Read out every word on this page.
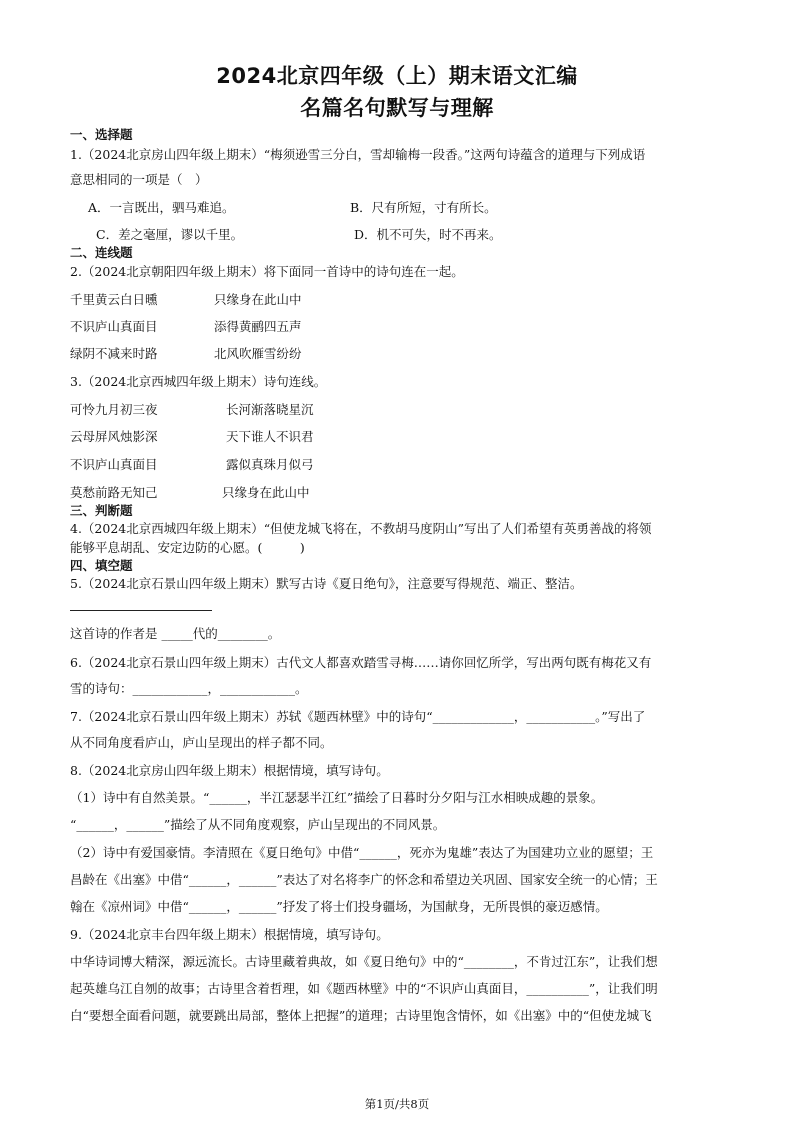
2024北京四年级（上）期末语文汇编
名篇名句默写与理解
一、选择题
1.（2024北京房山四年级上期末）“梅须逊雪三分白，雪却输梅一段香。”这两句诗蕴含的道理与下列成语
意思相同的一项是（　）
A．一言既出，驷马难追。	B．尺有所短，寸有所长。
C．差之毫厘，谬以千里。	D．机不可失，时不再来。
二、连线题
2.（2024北京朝阳四年级上期末）将下面同一首诗中的诗句连在一起。
千里黄云白日曛	只缘身在此山中
不识庐山真面目	添得黄鹂四五声
绿阴不减来时路	北风吹雁雪纷纷
3.（2024北京西城四年级上期末）诗句连线。
可怜九月初三夜	长河渐落晓星沉
云母屏风烛影深	天下谁人不识君
不识庐山真面目	露似真珠月似弓
莫愁前路无知己	只缘身在此山中
三、判断题
4.（2024北京西城四年级上期末）“但使龙城飞将在，不教胡马度阴山”写出了人们希望有英勇善战的将领
能够平息胡乱、安定边防的心愿。(　　　)
四、填空题
5.（2024北京石景山四年级上期末）默写古诗《夏日绝句》，注意要写得规范、端正、整洁。
这首诗的作者是 _____代的________。
6.（2024北京石景山四年级上期末）古代文人都喜欢踏雪寻梅……请你回忆所学，写出两句既有梅花又有
雪的诗句：____________，____________。
7.（2024北京石景山四年级上期末）苏轼《题西林壁》中的诗句“_____________，___________。”写出了
从不同角度看庐山，庐山呈现出的样子都不同。
8.（2024北京房山四年级上期末）根据情境，填写诗句。
（1）诗中有自然美景。“______，半江瑟瑟半江红”描绘了日暮时分夕阳与江水相映成趣的景象。
“______，______”描绘了从不同角度观察，庐山呈现出的不同风景。
（2）诗中有爱国豪情。李清照在《夏日绝句》中借“______，死亦为鬼雄”表达了为国建功立业的愿望；王
昌龄在《出塞》中借“______，______”表达了对名将李广的怀念和希望边关巩固、国家安全统一的心情；王
翰在《凉州词》中借“______，______”抒发了将士们投身疆场，为国献身，无所畏惧的豪迈感情。
9.（2024北京丰台四年级上期末）根据情境，填写诗句。
中华诗词博大精深，源远流长。古诗里藏着典故，如《夏日绝句》中的“________，不肯过江东”，让我们想
起英雄乌江自刎的故事；古诗里含着哲理，如《题西林壁》中的“不识庐山真面目，__________”，让我们明
白“要想全面看问题，就要跳出局部，整体上把握”的道理；古诗里饱含情怀，如《出塞》中的“但使龙城飞
第1页/共8页
